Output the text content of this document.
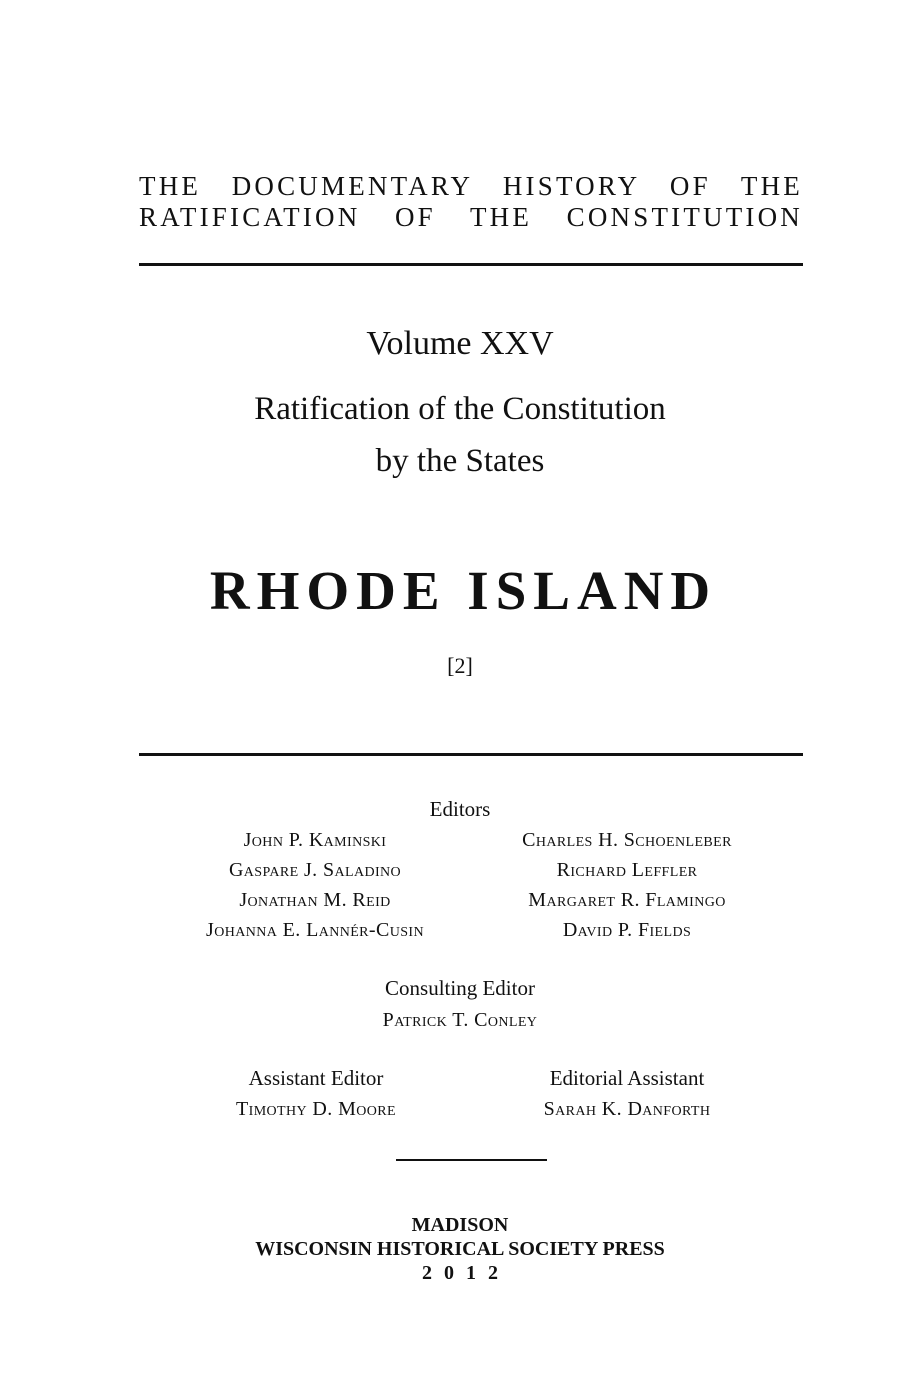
THE DOCUMENTARY HISTORY OF THE
RATIFICATION OF THE CONSTITUTION
Volume XXV
Ratification of the Constitution
by the States
RHODE ISLAND
[2]
Editors
John P. Kaminski
Gaspare J. Saladino
Jonathan M. Reid
Johanna E. Lannér-Cusin
Charles H. Schoenleber
Richard Leffler
Margaret R. Flamingo
David P. Fields
Consulting Editor
Patrick T. Conley
Assistant Editor
Timothy D. Moore
Editorial Assistant
Sarah K. Danforth
MADISON
WISCONSIN HISTORICAL SOCIETY PRESS
2012
